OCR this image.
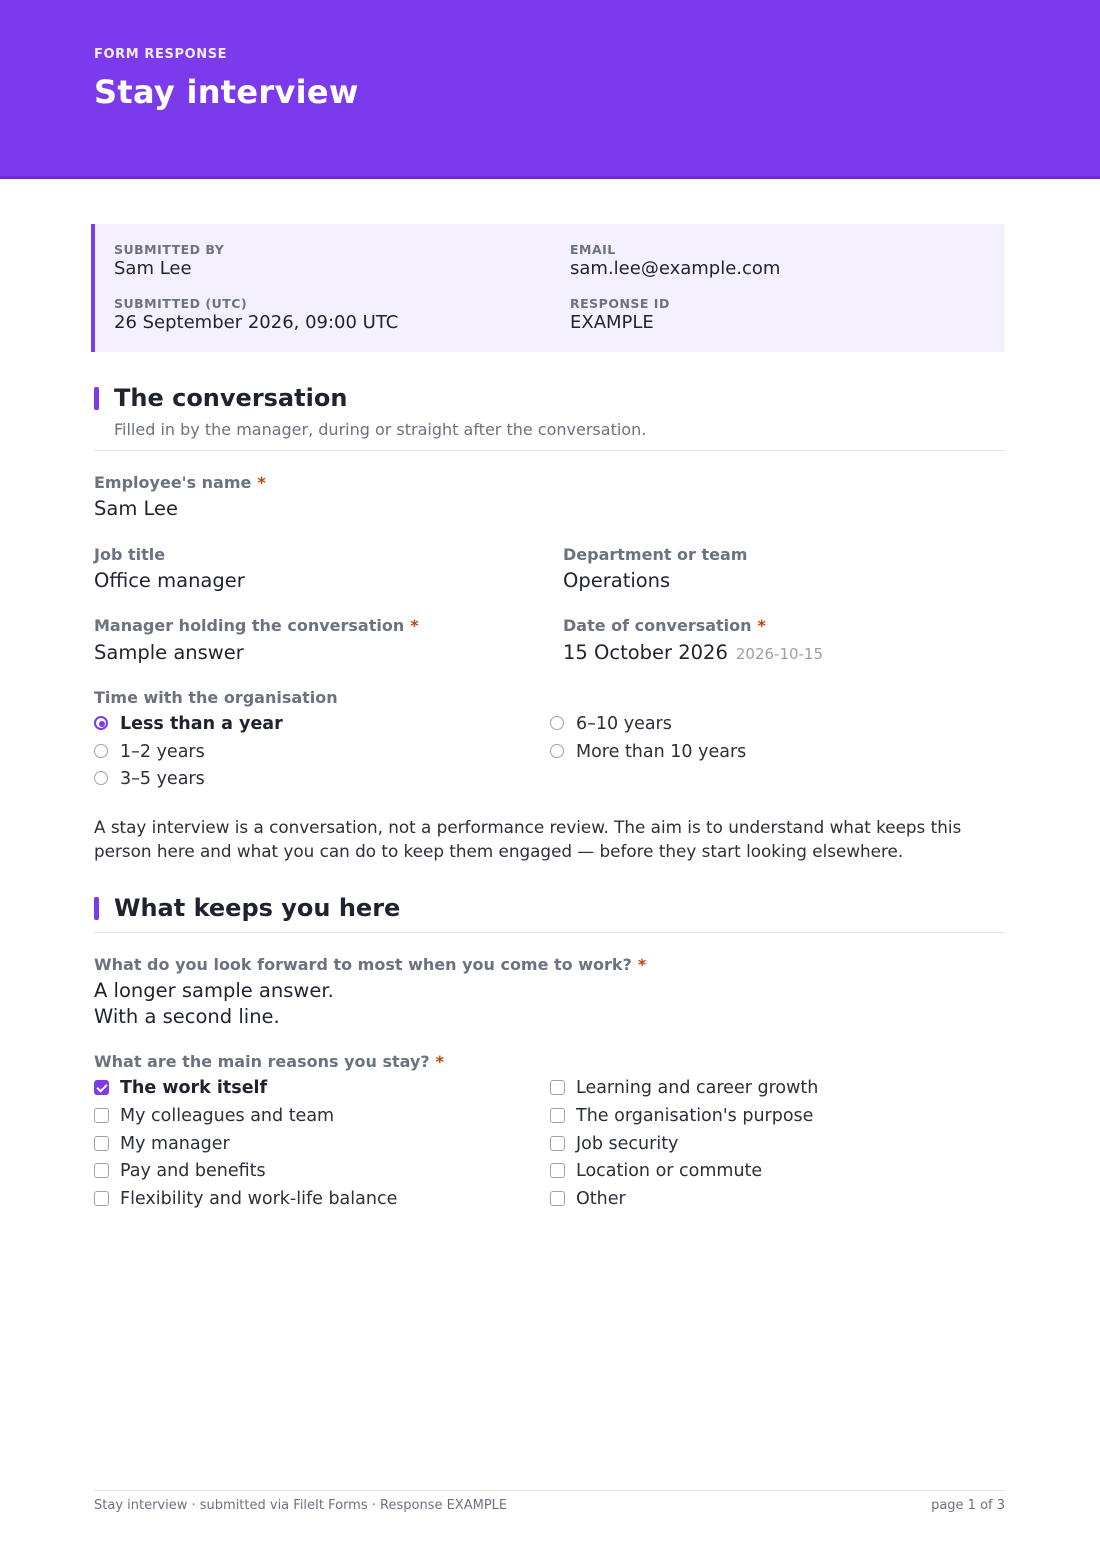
FORM RESPONSE
Stay interview
SUBMITTED BY
Sam Lee
EMAIL
sam.lee@example.com
SUBMITTED (UTC)
26 September 2026, 09:00 UTC
RESPONSE ID
EXAMPLE
The conversation
Filled in by the manager, during or straight after the conversation.
Employee's name *
Sam Lee
Job title
Office manager
Department or team
Operations
Manager holding the conversation *
Sample answer
Date of conversation *
15 October 2026 2026-10-15
Time with the organisation
Less than a year
1–2 years
3–5 years
6–10 years
More than 10 years
A stay interview is a conversation, not a performance review. The aim is to understand what keeps this person here and what you can do to keep them engaged — before they start looking elsewhere.
What keeps you here
What do you look forward to most when you come to work? *
A longer sample answer.
With a second line.
What are the main reasons you stay? *
The work itself
My colleagues and team
My manager
Pay and benefits
Flexibility and work-life balance
Learning and career growth
The organisation's purpose
Job security
Location or commute
Other
Stay interview · submitted via FileIt Forms · Response EXAMPLE	page 1 of 3
